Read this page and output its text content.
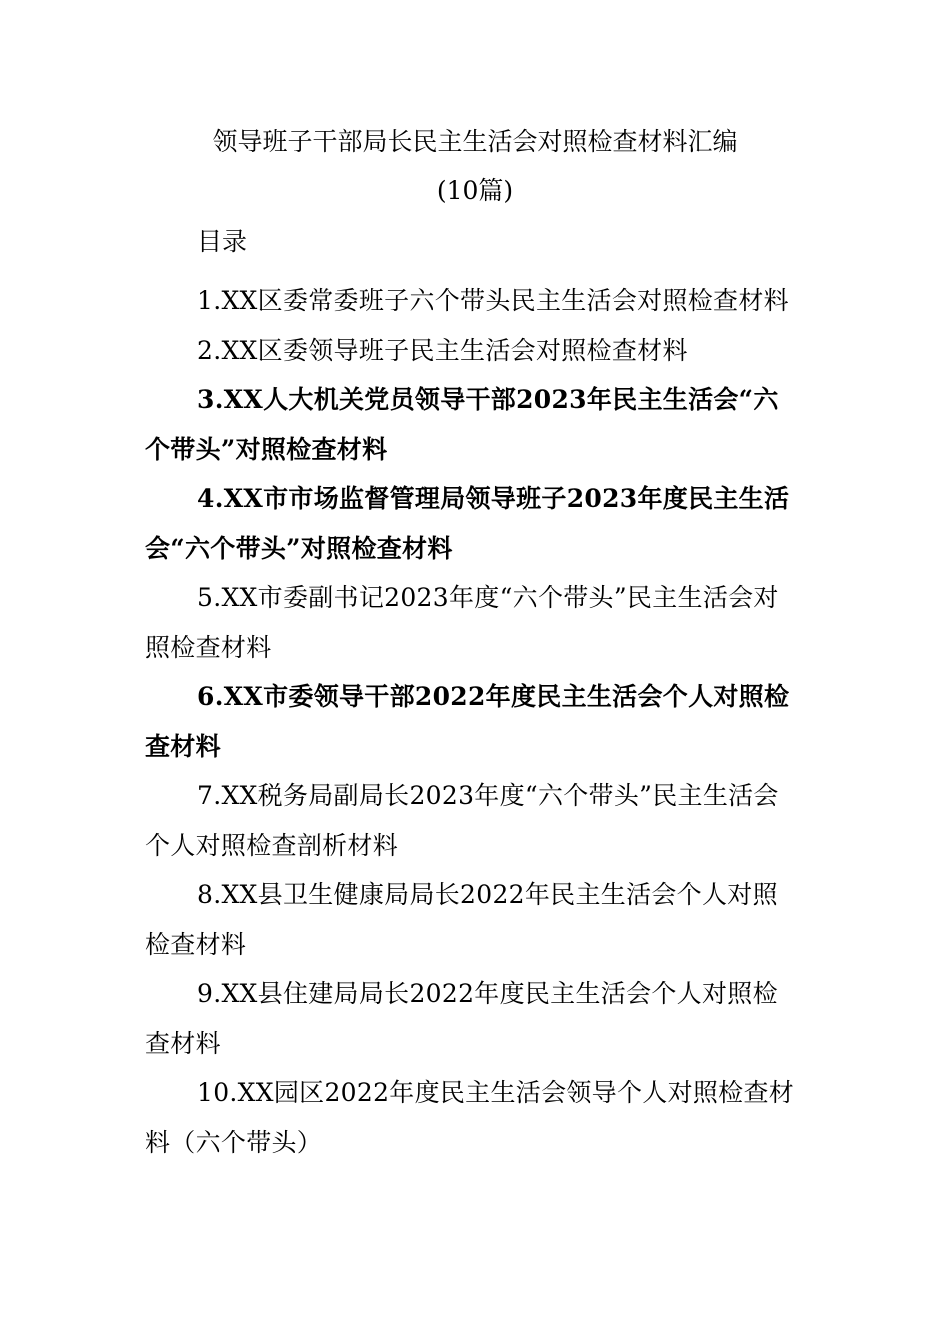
领导班子干部局长民主生活会对照检查材料汇编
(10篇)
目录

1.XX区委常委班子六个带头民主生活会对照检查材料

2.XX区委领导班子民主生活会对照检查材料

3.XX人大机关党员领导干部2023年民主生活会“六个带头”对照检查材料

4.XX市市场监督管理局领导班子2023年度民主生活会“六个带头”对照检查材料

5.XX市委副书记2023年度“六个带头”民主生活会对照检查材料

6.XX市委领导干部2022年度民主生活会个人对照检查材料

7.XX税务局副局长2023年度“六个带头”民主生活会个人对照检查剖析材料

8.XX县卫生健康局局长2022年民主生活会个人对照检查材料

9.XX县住建局局长2022年度民主生活会个人对照检查材料

10.XX园区2022年度民主生活会领导个人对照检查材料（六个带头）
